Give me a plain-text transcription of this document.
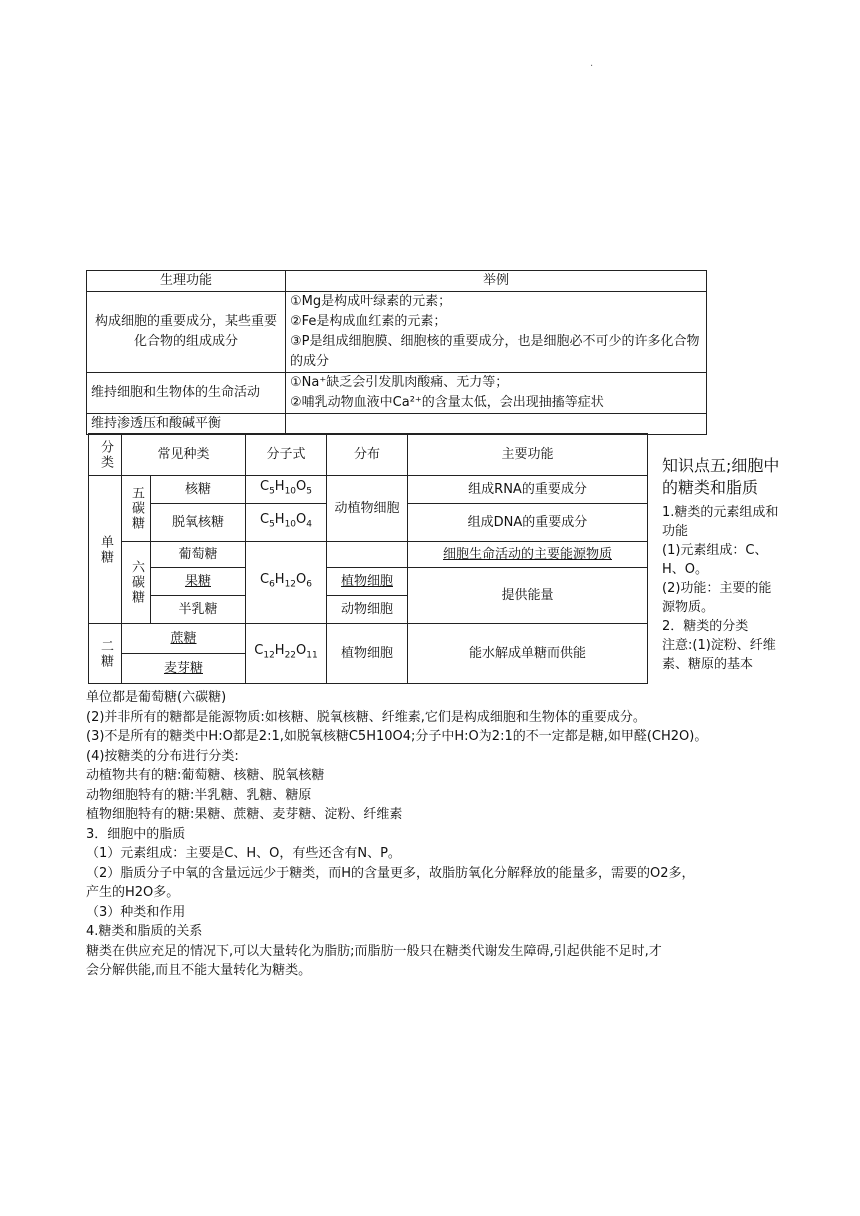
.
生理功能	举例
构成细胞的重要成分，某些重要化合物的组成成分	①Mg是构成叶绿素的元素；
②Fe是构成血红素的元素；
③P是组成细胞膜、细胞核的重要成分，也是细胞必不可少的许多化合物的成分

维持细胞和生物体的生命活动	①Na⁺缺乏会引发肌肉酸痛、无力等；
②哺乳动物血液中Ca²⁺的含量太低，会出现抽搐等症状

维持渗透压和酸碱平衡	
分类	常见种类		分子式	分布	主要功能

单糖	五碳糖	核糖	$C_5H_{10}O_5$	动植物细胞	组成RNA的重要成分
		脱氧核糖	$C_5H_{10}O_4$		组成DNA的重要成分

	六碳糖	葡萄糖	$C_6H_{12}O_6$		细胞生命活动的主要能源物质
		果糖		植物细胞	提供能量
		半乳糖		动物细胞	

二糖	蔗糖		$C_{12}H_{22}O_{11}$	植物细胞	能水解成单糖而供能
	麦芽糖				
知识点五;细胞中的糖类和脂质
1.糖类的元素组成和功能
(1)元素组成：C、H、O。
(2)功能：主要的能源物质。
2．糖类的分类
注意:(1)淀粉、纤维素、糖原的基本

单位都是葡萄糖(六碳糖)

(2)并非所有的糖都是能源物质:如核糖、脱氧核糖、纤维素,它们是构成细胞和生物体的重要成分。

(3)不是所有的糖类中H:O都是2:1,如脱氧核糖C5H10O4;分子中H:O为2:1的不一定都是糖,如甲醛(CH2O)。

(4)按糖类的分布进行分类:

动植物共有的糖:葡萄糖、核糖、脱氧核糖

动物细胞特有的糖:半乳糖、乳糖、糖原

植物细胞特有的糖:果糖、蔗糖、麦芽糖、淀粉、纤维素

3．细胞中的脂质

（1）元素组成：主要是C、H、O，有些还含有N、P。

（2）脂质分子中氧的含量远远少于糖类，而H的含量更多，故脂肪氧化分解释放的能量多，需要的O2多，

产生的H2O多。

（3）种类和作用

4.糖类和脂质的关系

糖类在供应充足的情况下,可以大量转化为脂肪;而脂肪一般只在糖类代谢发生障碍,引起供能不足时,才

会分解供能,而且不能大量转化为糖类。
